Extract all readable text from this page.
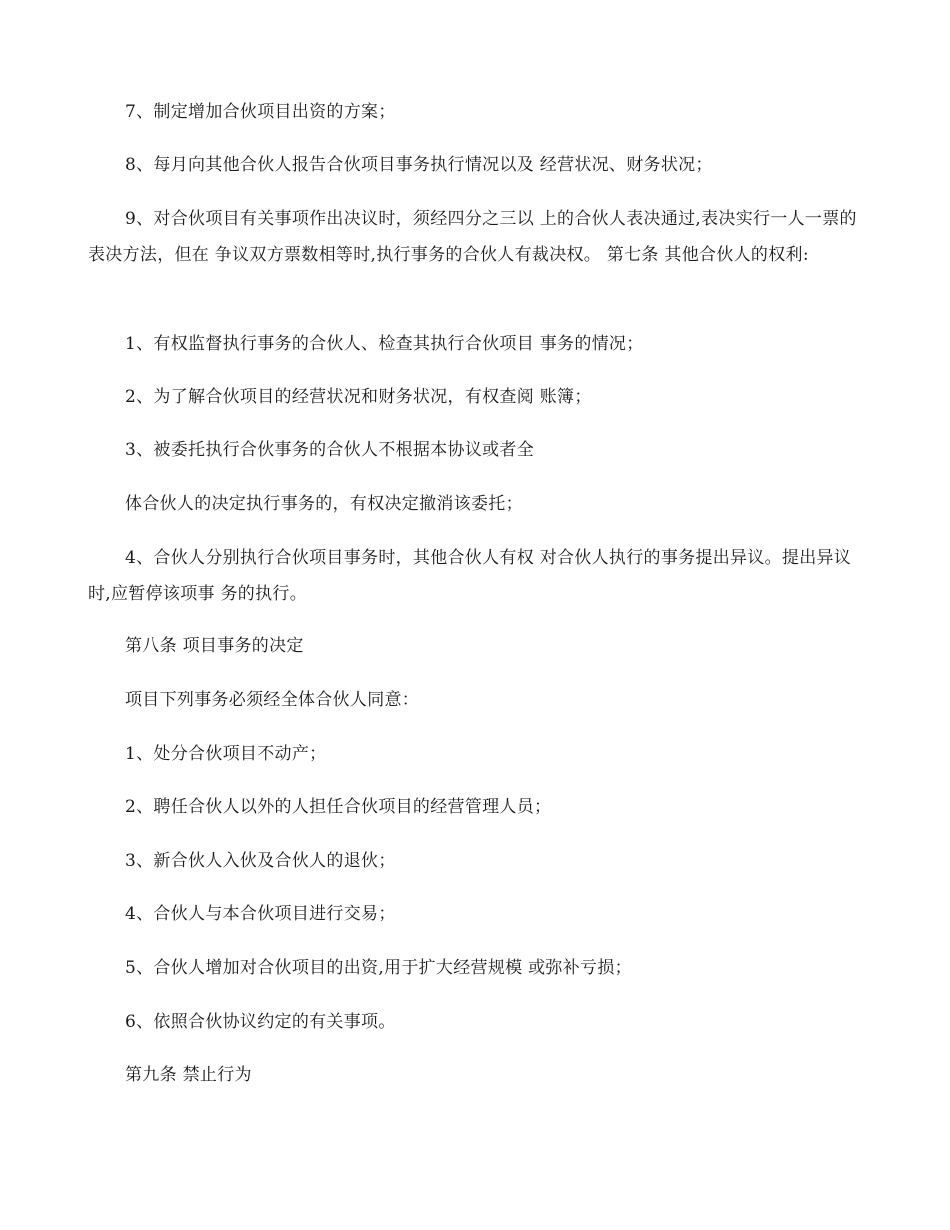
7、制定增加合伙项目出资的方案；

8、每月向其他合伙人报告合伙项目事务执行情况以及 经营状况、财务状况；

9、对合伙项目有关事项作出决议时，须经四分之三以 上的合伙人表决通过,表决实行一人一票的表决方法，但在 争议双方票数相等时,执行事务的合伙人有裁决权。 第七条 其他合伙人的权利:

1、有权监督执行事务的合伙人、检查其执行合伙项目 事务的情况；

2、为了解合伙项目的经营状况和财务状况，有权查阅 账簿；

3、被委托执行合伙事务的合伙人不根据本协议或者全

体合伙人的决定执行事务的，有权决定撤消该委托；

4、合伙人分别执行合伙项目事务时，其他合伙人有权 对合伙人执行的事务提出异议。提出异议时,应暂停该项事 务的执行。

第八条 项目事务的决定

项目下列事务必须经全体合伙人同意：

1、处分合伙项目不动产；

2、聘任合伙人以外的人担任合伙项目的经营管理人员；

3、新合伙人入伙及合伙人的退伙；

4、合伙人与本合伙项目进行交易；

5、合伙人增加对合伙项目的出资,用于扩大经营规模 或弥补亏损；

6、依照合伙协议约定的有关事项。

第九条 禁止行为
